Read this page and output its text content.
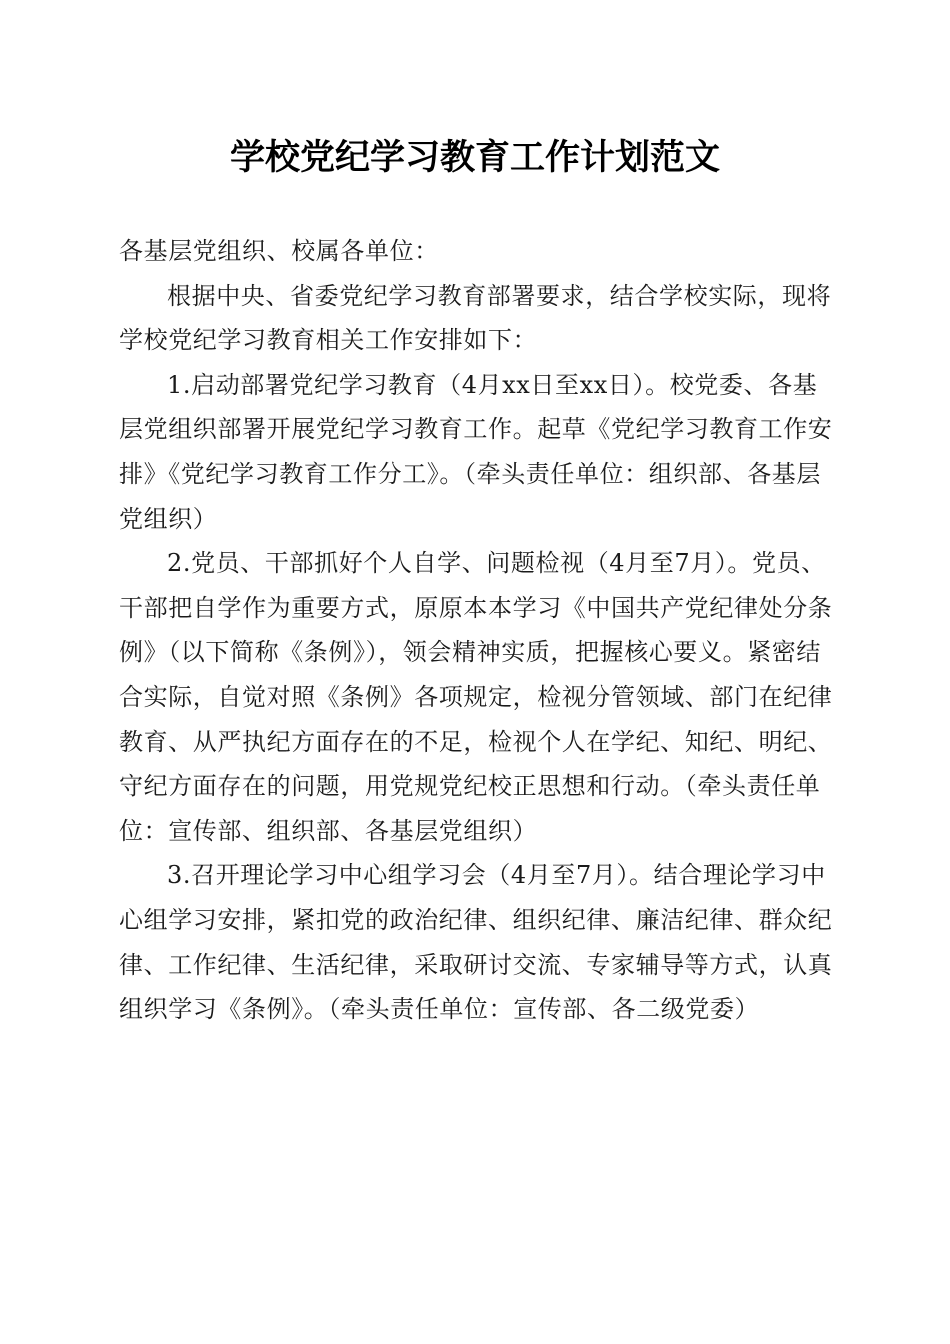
学校党纪学习教育工作计划范文

各基层党组织、校属各单位：

根据中央、省委党纪学习教育部署要求，结合学校实际，现将学校党纪学习教育相关工作安排如下：

1.启动部署党纪学习教育（4月xx日至xx日）。校党委、各基层党组织部署开展党纪学习教育工作。起草《党纪学习教育工作安排》《党纪学习教育工作分工》。（牵头责任单位：组织部、各基层党组织）

2.党员、干部抓好个人自学、问题检视（4月至7月）。党员、干部把自学作为重要方式，原原本本学习《中国共产党纪律处分条例》（以下简称《条例》），领会精神实质，把握核心要义。紧密结合实际，自觉对照《条例》各项规定，检视分管领域、部门在纪律教育、从严执纪方面存在的不足，检视个人在学纪、知纪、明纪、守纪方面存在的问题，用党规党纪校正思想和行动。（牵头责任单位：宣传部、组织部、各基层党组织）

3.召开理论学习中心组学习会（4月至7月）。结合理论学习中心组学习安排，紧扣党的政治纪律、组织纪律、廉洁纪律、群众纪律、工作纪律、生活纪律，采取研讨交流、专家辅导等方式，认真组织学习《条例》。（牵头责任单位：宣传部、各二级党委）
